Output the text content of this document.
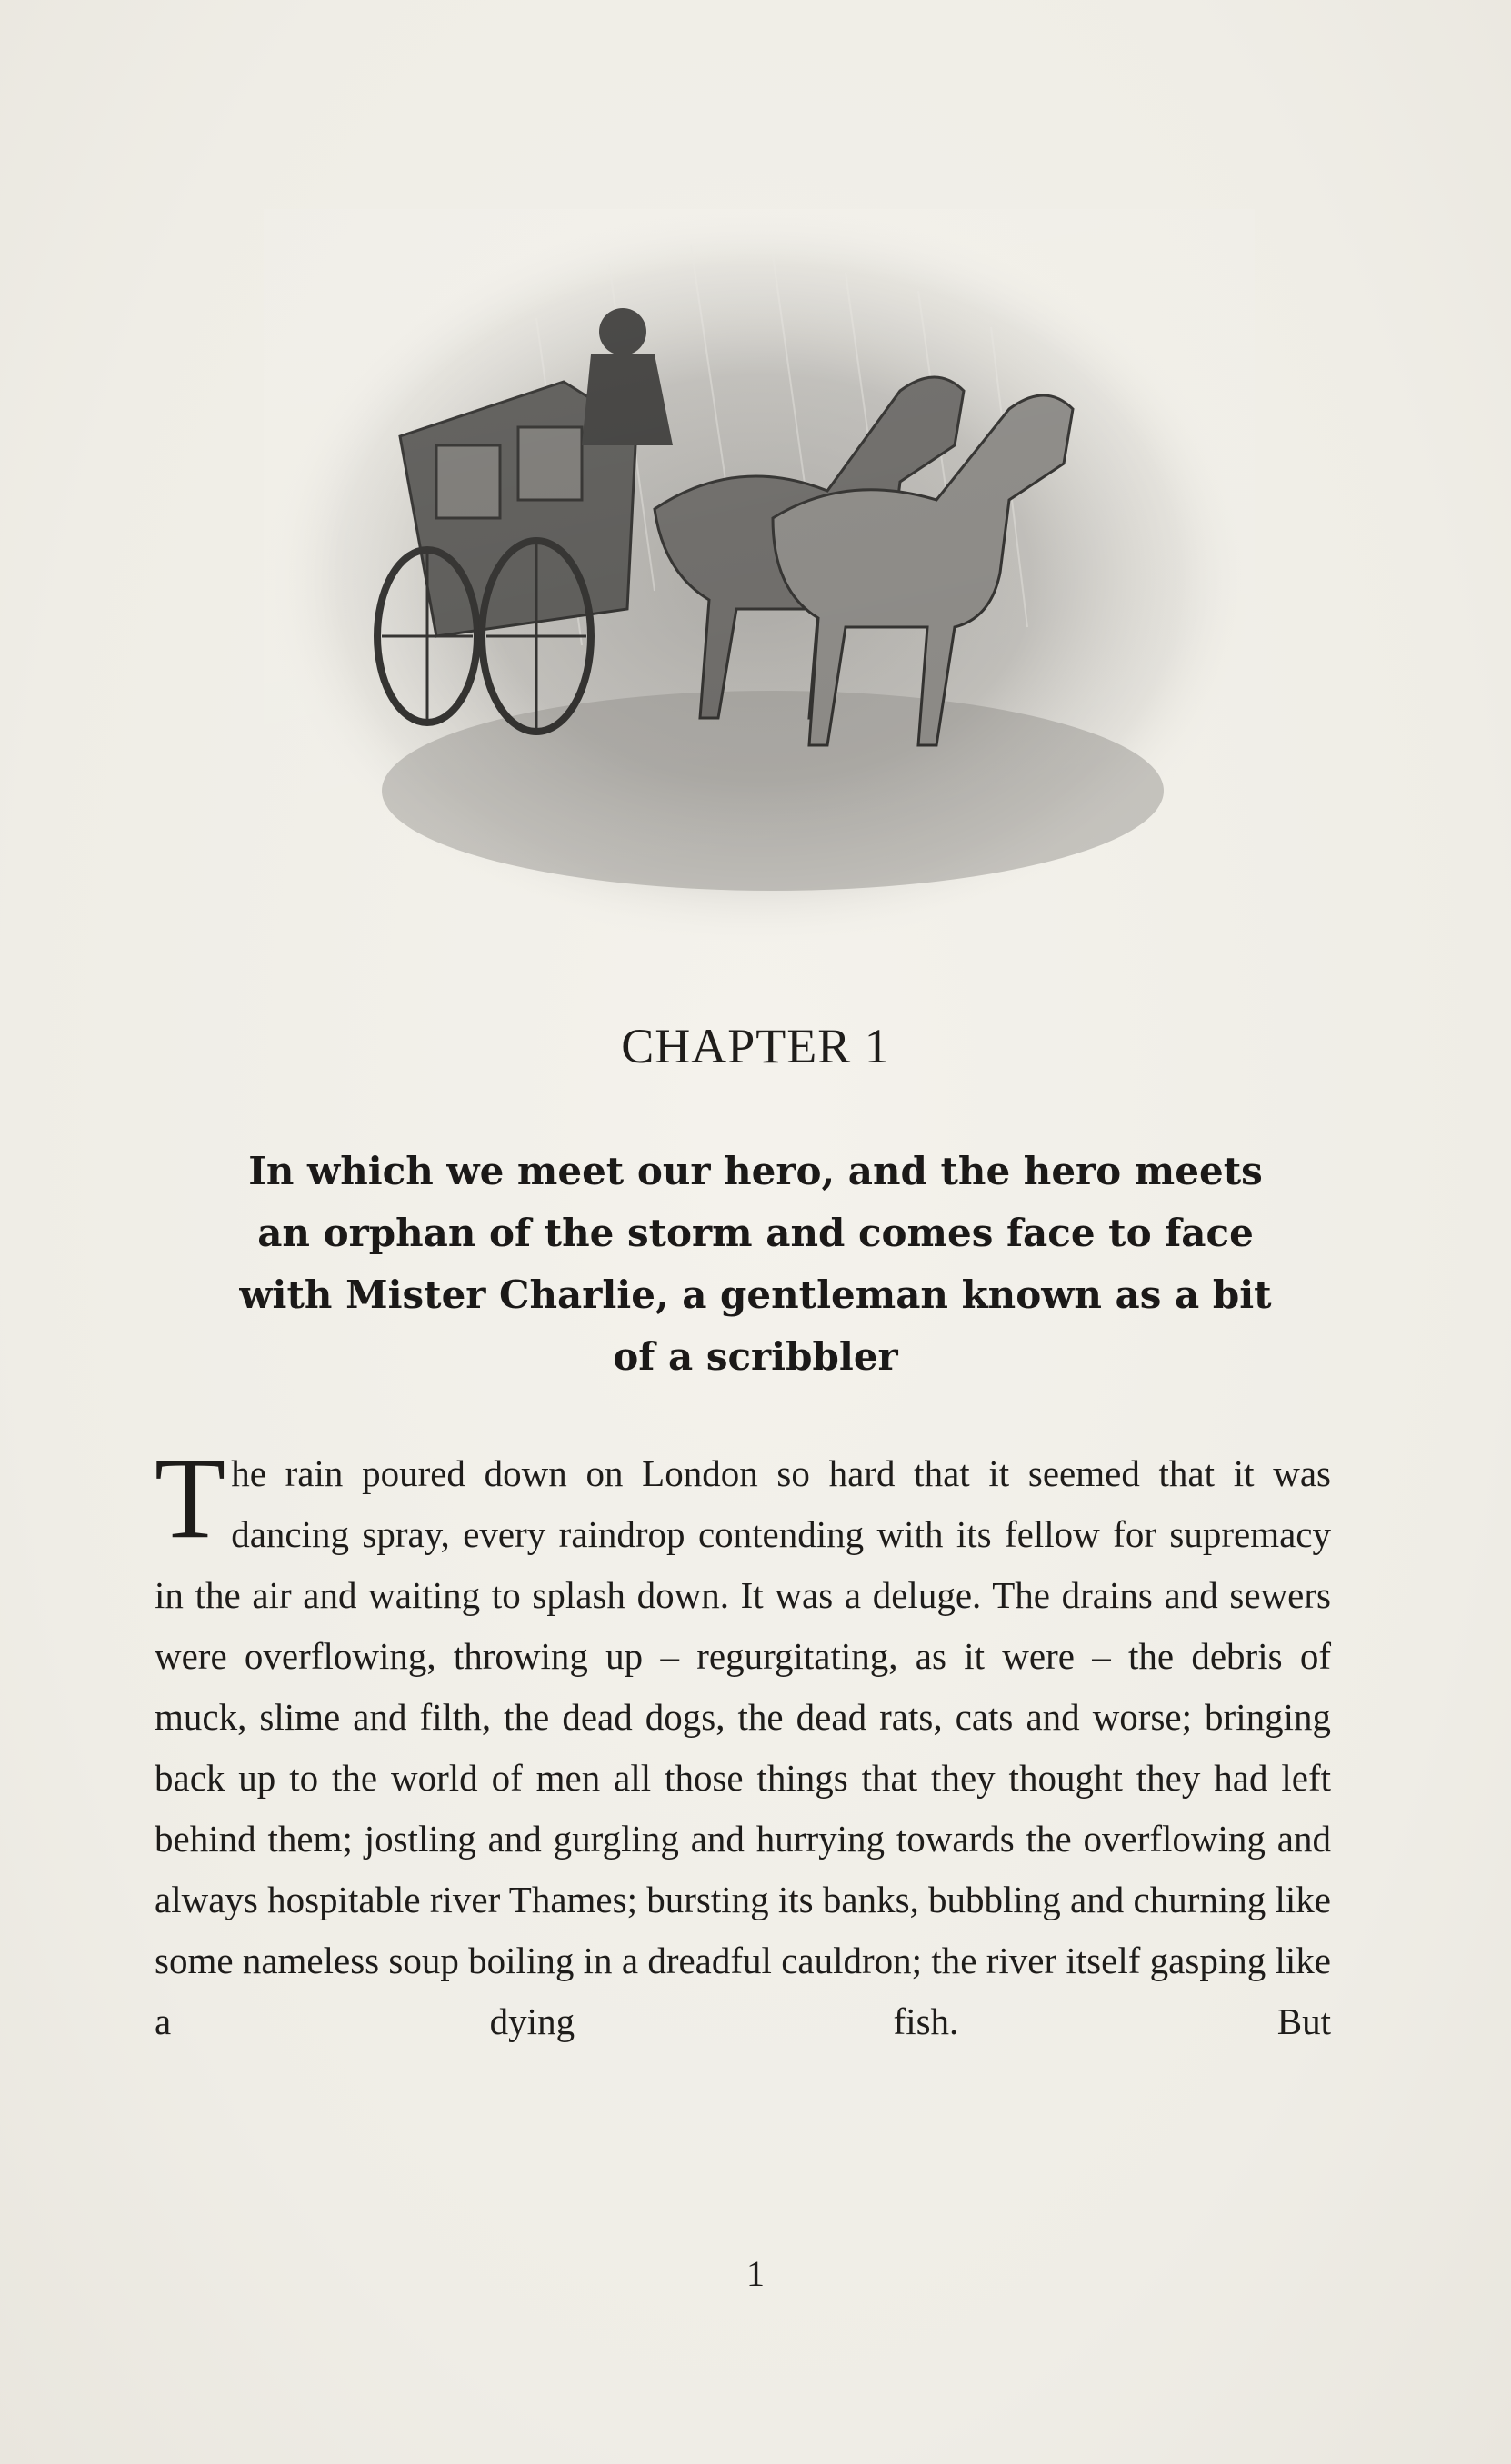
CHAPTER 1
In which we meet our hero, and the hero meets an orphan of the storm and comes face to face with Mister Charlie, a gentleman known as a bit of a scribbler

The rain poured down on London so hard that it seemed that it was dancing spray, every raindrop contending with its fellow for supremacy in the air and waiting to splash down. It was a deluge. The drains and sewers were overflowing, throwing up – regurgitating, as it were – the debris of muck, slime and filth, the dead dogs, the dead rats, cats and worse; bringing back up to the world of men all those things that they thought they had left behind them; jostling and gurgling and hurrying towards the overflowing and always hospitable river Thames; bursting its banks, bubbling and churning like some nameless soup boiling in a dreadful cauldron; the river itself gasping like a dying fish. But

1
